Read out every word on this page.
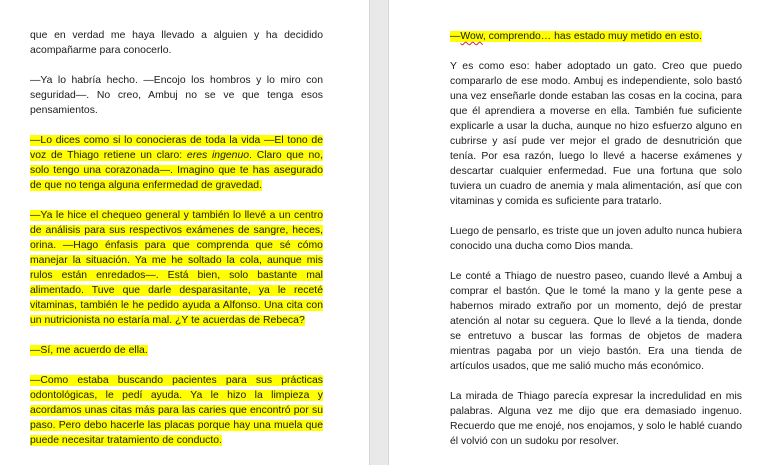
que en verdad me haya llevado a alguien y ha decidido acompañarme para conocerlo.

—Ya lo habría hecho. —Encojo los hombros y lo miro con seguridad—. No creo, Ambuj no se ve que tenga esos pensamientos.

—Lo dices como si lo conocieras de toda la vida —El tono de voz de Thiago retiene un claro: eres ingenuo. Claro que no, solo tengo una corazonada—. Imagino que te has asegurado de que no tenga alguna enfermedad de gravedad.

—Ya le hice el chequeo general y también lo llevé a un centro de análisis para sus respectivos exámenes de sangre, heces, orina. —Hago énfasis para que comprenda que sé cómo manejar la situación. Ya me he soltado la cola, aunque mis rulos están enredados—. Está bien, solo bastante mal alimentado. Tuve que darle desparasitante, ya le receté vitaminas, también le he pedido ayuda a Alfonso. Una cita con un nutricionista no estaría mal. ¿Y te acuerdas de Rebeca?

—Sí, me acuerdo de ella.

—Como estaba buscando pacientes para sus prácticas odontológicas, le pedí ayuda. Ya le hizo la limpieza y acordamos unas citas más para las caries que encontró por su paso. Pero debo hacerle las placas porque hay una muela que puede necesitar tratamiento de conducto.

—Wow, comprendo… has estado muy metido en esto.

Y es como eso: haber adoptado un gato. Creo que puedo compararlo de ese modo. Ambuj es independiente, solo bastó una vez enseñarle donde estaban las cosas en la cocina, para que él aprendiera a moverse en ella. También fue suficiente explicarle a usar la ducha, aunque no hizo esfuerzo alguno en cubrirse y así pude ver mejor el grado de desnutrición que tenía. Por esa razón, luego lo llevé a hacerse exámenes y descartar cualquier enfermedad. Fue una fortuna que solo tuviera un cuadro de anemia y mala alimentación, así que con vitaminas y comida es suficiente para tratarlo.

Luego de pensarlo, es triste que un joven adulto nunca hubiera conocido una ducha como Dios manda.

Le conté a Thiago de nuestro paseo, cuando llevé a Ambuj a comprar el bastón. Que le tomé la mano y la gente pese a habernos mirado extraño por un momento, dejó de prestar atención al notar su ceguera. Que lo llevé a la tienda, donde se entretuvo a buscar las formas de objetos de madera mientras pagaba por un viejo bastón. Era una tienda de artículos usados, que me salió mucho más económico.

La mirada de Thiago parecía expresar la incredulidad en mis palabras. Alguna vez me dijo que era demasiado ingenuo. Recuerdo que me enojé, nos enojamos, y solo le hablé cuando él volvió con un sudoku por resolver.
